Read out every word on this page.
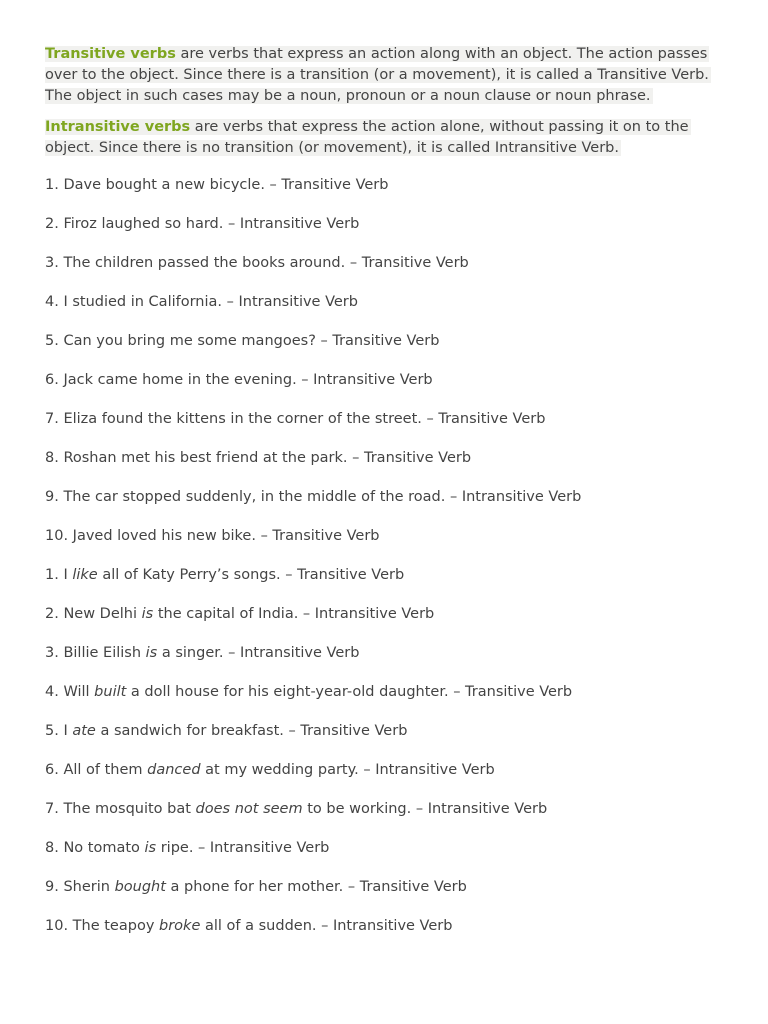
Transitive verbs are verbs that express an action along with an object. The action passes over to the object. Since there is a transition (or a movement), it is called a Transitive Verb. The object in such cases may be a noun, pronoun or a noun clause or noun phrase.

Intransitive verbs are verbs that express the action alone, without passing it on to the object. Since there is no transition (or movement), it is called Intransitive Verb.

1. Dave bought a new bicycle. – Transitive Verb
2. Firoz laughed so hard. – Intransitive Verb
3. The children passed the books around. – Transitive Verb
4. I studied in California. – Intransitive Verb
5. Can you bring me some mangoes? – Transitive Verb
6. Jack came home in the evening. – Intransitive Verb
7. Eliza found the kittens in the corner of the street. – Transitive Verb
8. Roshan met his best friend at the park. – Transitive Verb
9. The car stopped suddenly, in the middle of the road. – Intransitive Verb
10. Javed loved his new bike. – Transitive Verb
1. I like all of Katy Perry’s songs. – Transitive Verb
2. New Delhi is the capital of India. – Intransitive Verb
3. Billie Eilish is a singer. – Intransitive Verb
4. Will built a doll house for his eight-year-old daughter. – Transitive Verb
5. I ate a sandwich for breakfast. – Transitive Verb
6. All of them danced at my wedding party. – Intransitive Verb
7. The mosquito bat does not seem to be working. – Intransitive Verb
8. No tomato is ripe. – Intransitive Verb
9. Sherin bought a phone for her mother. – Transitive Verb
10. The teapoy broke all of a sudden. – Intransitive Verb
